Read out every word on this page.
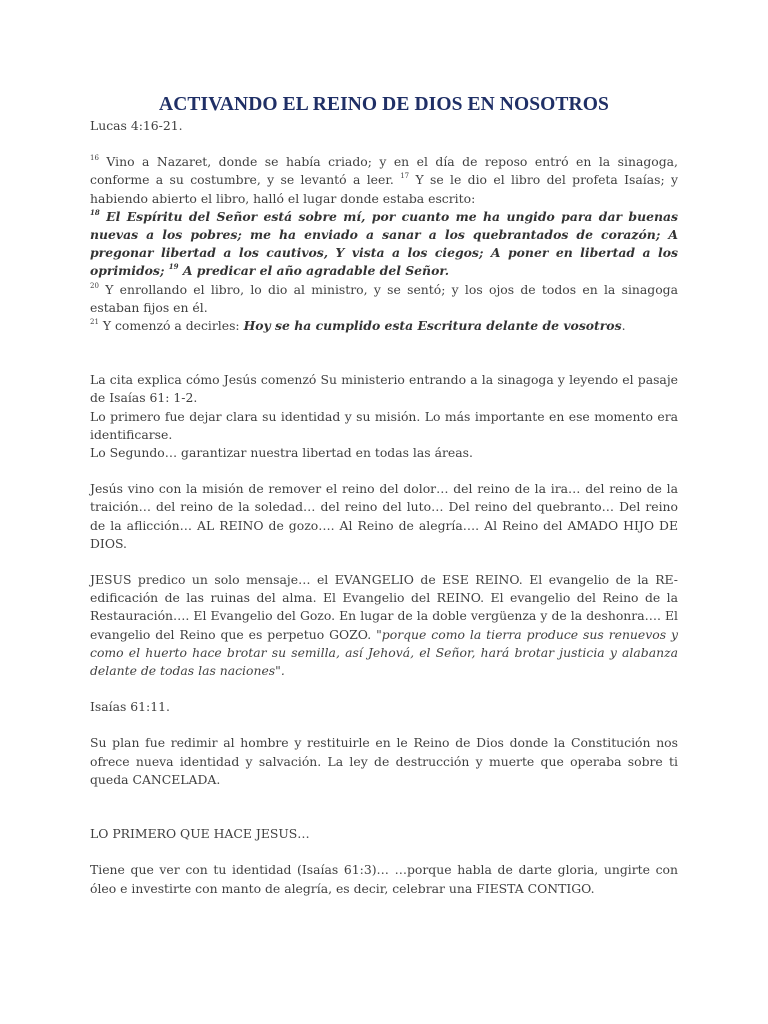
ACTIVANDO EL REINO DE DIOS EN NOSOTROS

Lucas 4:16-21.

$^{16}$ Vino a Nazaret, donde se había criado; y en el día de reposo entró en la sinagoga, conforme a su costumbre, y se levantó a leer. $^{17}$ Y se le dio el libro del profeta Isaías; y habiendo abierto el libro, halló el lugar donde estaba escrito:

$^{18}$ El Espíritu del Señor está sobre mí, por cuanto me ha ungido para dar buenas nuevas a los pobres; me ha enviado a sanar a los quebrantados de corazón; A pregonar libertad a los cautivos, Y vista a los ciegos; A poner en libertad a los oprimidos; $^{19}$ A predicar el año agradable del Señor.

$^{20}$ Y enrollando el libro, lo dio al ministro, y se sentó; y los ojos de todos en la sinagoga estaban fijos en él.

$^{21}$ Y comenzó a decirles: Hoy se ha cumplido esta Escritura delante de vosotros.

La cita explica cómo Jesús comenzó Su ministerio entrando a la sinagoga y leyendo el pasaje de Isaías 61: 1-2.

Lo primero fue dejar clara su identidad y su misión. Lo más importante en ese momento era identificarse.

Lo Segundo… garantizar nuestra libertad en todas las áreas.

Jesús vino con la misión de remover el reino del dolor… del reino de la ira… del reino de la traición… del reino de la soledad… del reino del luto… Del reino del quebranto… Del reino de la aflicción… AL REINO de gozo…. Al Reino de alegría…. Al Reino del AMADO HIJO DE DIOS.

JESUS predico un solo mensaje… el EVANGELIO de ESE REINO. El evangelio de la RE-edificación de las ruinas del alma. El Evangelio del REINO. El evangelio del Reino de la Restauración…. El Evangelio del Gozo. En lugar de la doble vergüenza y de la deshonra…. El evangelio del Reino que es perpetuo GOZO. "porque como la tierra produce sus renuevos y como el huerto hace brotar su semilla, así Jehová, el Señor, hará brotar justicia y alabanza delante de todas las naciones".

Isaías 61:11.

Su plan fue redimir al hombre y restituirle en le Reino de Dios donde la Constitución nos ofrece nueva identidad y salvación. La ley de destrucción y muerte que operaba sobre ti queda CANCELADA.

LO PRIMERO QUE HACE JESUS…

Tiene que ver con tu identidad (Isaías 61:3)… …porque habla de darte gloria, ungirte con óleo e investirte con manto de alegría, es decir, celebrar una FIESTA CONTIGO.
